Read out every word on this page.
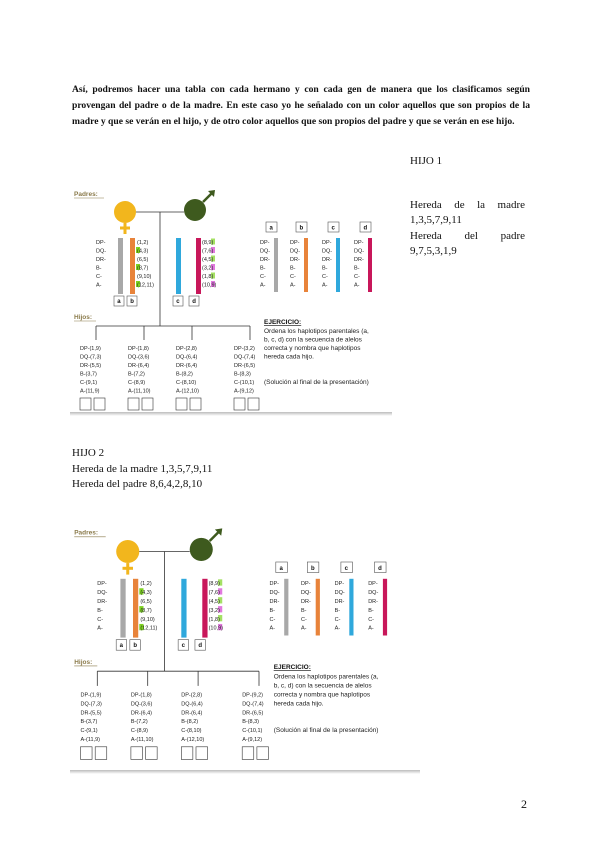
Así, podremos hacer una tabla con cada hermano y con cada gen de manera que los clasificamos según provengan del padre o de la madre. En este caso yo he señalado con un color aquellos que son propios de la madre y que se verán en el hijo, y de otro color aquellos que son propios del padre y que se verán en ese hijo.
HIJO 1
Hereda de la madre 1,3,5,7,9,11
Hereda del padre 9,7,5,3,1,9
HIJO 2
Hereda de la madre 1,3,5,7,9,11
Hereda del padre 8,6,4,2,8,10
Padres:
DP-
DQ-
DR-
B-
C-
A-
(1,2)
(4,3)
(6,5)
(8,7)
(9,10)
(12,11)
(8,9)
(7,6)
(4,5)
(3,2)
(1,8)
(10,9)
a b	c d
a
DP-
DQ-
DR-
B-
C-
A-
b
DP-
DQ-
DR-
B-
C-
A-
c
DP-
DQ-
DR-
B-
C-
A-
d
DP-
DQ-
DR-
B-
C-
A-
Hijos:
DP-(1,9)
DQ-(7,3)
DR-(5,5)
B-(3,7)
C-(9,1)
A-(11,9)
DP-(1,8)
DQ-(3,6)
DR-(6,4)
B-(7,2)
C-(8,9)
A-(11,10)
DP-(2,8)
DQ-(6,4)
DR-(6,4)
B-(8,2)
C-(8,10)
A-(12,10)
DP-(3,2)
DQ-(7,4)
DR-(6,5)
B-(8,3)
C-(10,1)
A-(9,12)
EJERCICIO:
Ordena los haplotipos parentales (a,
b, c, d) con la secuencia de alelos
correcta y nombra que haplotipos
hereda cada hijo.
(Solución al final de la presentación)
Padres:
DP-
DQ-
DR-
B-
C-
A-
(1,2)
(4,3)
(6,5)
(8,7)
(9,10)
(12,11)
(8,9)
(7,6)
(4,5)
(3,2)
(1,8)
(10,9)
a b	c d
a
DP-
DQ-
DR-
B-
C-
A-
b
DP-
DQ-
DR-
B-
C-
A-
c
DP-
DQ-
DR-
B-
C-
A-
d
DP-
DQ-
DR-
B-
C-
A-
Hijos:
DP-(1,9)
DQ-(7,3)
DR-(5,5)
B-(3,7)
C-(9,1)
A-(11,9)
DP-(1,8)
DQ-(3,6)
DR-(6,4)
B-(7,2)
C-(8,9)
A-(11,10)
DP-(2,8)
DQ-(6,4)
DR-(6,4)
B-(8,2)
C-(8,10)
A-(12,10)
DP-(9,2)
DQ-(7,4)
DR-(6,5)
B-(8,3)
C-(10,1)
A-(9,12)
EJERCICIO:
Ordena los haplotipos parentales (a,
b, c, d) con la secuencia de alelos
correcta y nombra que haplotipos
hereda cada hijo.
(Solución al final de la presentación)
2
